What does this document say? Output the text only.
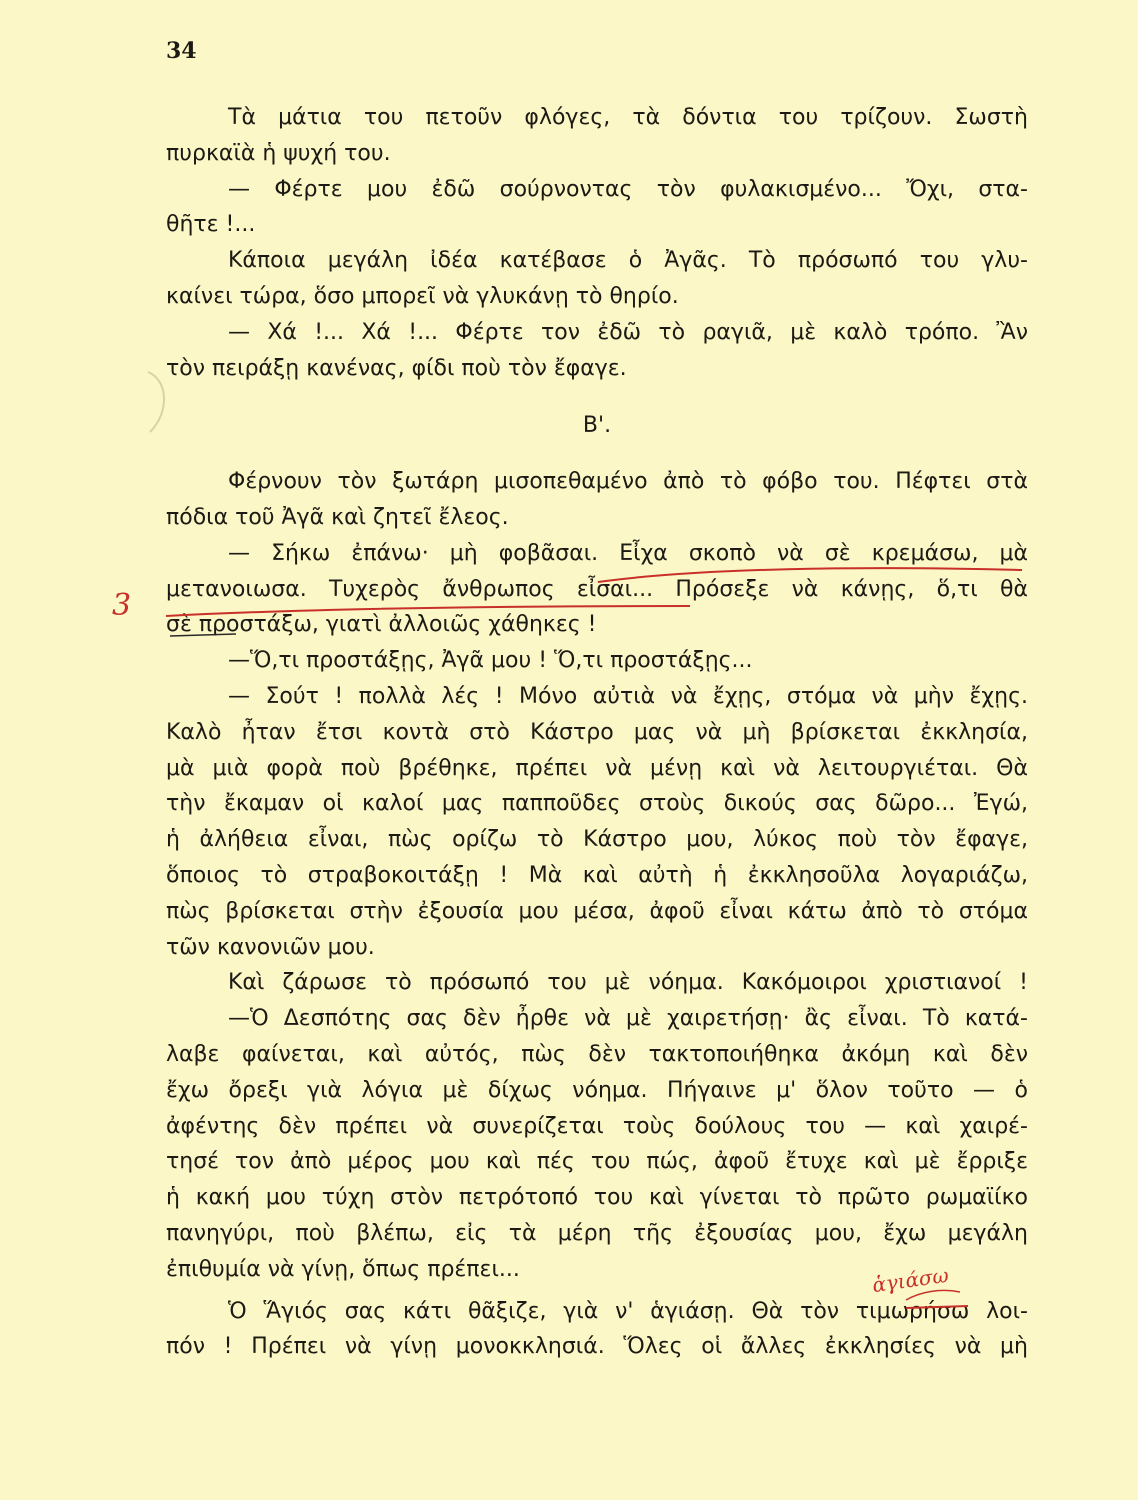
34
Τὰ μάτια του πετοῦν φλόγες, τὰ δόντια του τρίζουν. Σωστὴ
πυρκαϊὰ ἡ ψυχή του.
— Φέρτε μου ἐδῶ σούρνοντας τὸν φυλακισμένο... Ὄχι, στα-
θῆτε !...
Κάποια μεγάλη ἰδέα κατέβασε ὁ Ἀγᾶς. Τὸ πρόσωπό του γλυ-
καίνει τώρα, ὅσο μπορεῖ νὰ γλυκάνῃ τὸ θηρίο.
— Χά !... Χά !... Φέρτε τον ἐδῶ τὸ ραγιᾶ, μὲ καλὸ τρόπο. Ἂν
τὸν πειράξῃ κανένας, φίδι ποὺ τὸν ἔφαγε.
Β'.
Φέρνουν τὸν ξωτάρη μισοπεθαμένο ἀπὸ τὸ φόβο του. Πέφτει στὰ
πόδια τοῦ Ἀγᾶ καὶ ζητεῖ ἔλεος.
— Σήκω ἐπάνω· μὴ φοβᾶσαι. Εἶχα σκοπὸ νὰ σὲ κρεμάσω, μὰ
μετανοιωσα. Τυχερὸς ἄνθρωπος εἶσαι... Πρόσεξε νὰ κάνῃς, ὅ,τι θὰ
σὲ προστάξω, γιατὶ ἀλλοιῶς χάθηκες !
—Ὅ,τι προστάξῃς, Ἀγᾶ μου ! Ὅ,τι προστάξῃς...
— Σούτ ! πολλὰ λές ! Μόνο αὐτιὰ νὰ ἔχῃς, στόμα νὰ μὴν ἔχῃς.
Καλὸ ἦταν ἔτσι κοντὰ στὸ Κάστρο μας νὰ μὴ βρίσκεται ἐκκλησία,
μὰ μιὰ φορὰ ποὺ βρέθηκε, πρέπει νὰ μένῃ καὶ νὰ λειτουργιέται. Θὰ
τὴν ἔκαμαν οἱ καλοί μας παπποῦδες στοὺς δικούς σας δῶρο... Ἐγώ,
ἡ ἀλήθεια εἶναι, πὼς ορίζω τὸ Κάστρο μου, λύκος ποὺ τὸν ἔφαγε,
ὅποιος τὸ στραβοκοιτάξῃ ! Μὰ καὶ αὐτὴ ἡ ἐκκλησοῦλα λογαριάζω,
πὼς βρίσκεται στὴν ἐξουσία μου μέσα, ἀφοῦ εἶναι κάτω ἀπὸ τὸ στόμα
τῶν κανονιῶν μου.
Καὶ ζάρωσε τὸ πρόσωπό του μὲ νόημα. Κακόμοιροι χριστιανοί !
—Ὁ Δεσπότης σας δὲν ἦρθε νὰ μὲ χαιρετήσῃ· ἂς εἶναι. Τὸ κατά-
λαβε φαίνεται, καὶ αὐτός, πὼς δὲν τακτοποιήθηκα ἀκόμη καὶ δὲν
ἔχω ὄρεξι γιὰ λόγια μὲ δίχως νόημα. Πήγαινε μ' ὅλον τοῦτο — ὁ
ἀφέντης δὲν πρέπει νὰ συνερίζεται τοὺς δούλους του — καὶ χαιρέ-
τησέ τον ἀπὸ μέρος μου καὶ πές του πώς, ἀφοῦ ἔτυχε καὶ μὲ ἔρριξε
ἡ κακή μου τύχη στὸν πετρότοπό του καὶ γίνεται τὸ πρῶτο ρωμαϊίκο
πανηγύρι, ποὺ βλέπω, εἰς τὰ μέρη τῆς ἐξουσίας μου, ἔχω μεγάλη
ἐπιθυμία νὰ γίνῃ, ὅπως πρέπει...
Ὁ Ἅγιός σας κάτι θᾶξιζε, γιὰ ν' ἁγιάσῃ. Θὰ τὸν τιμωρήσω λοι-
πόν ! Πρέπει νὰ γίνῃ μονοκκλησιά. Ὅλες οἱ ἄλλες ἐκκλησίες νὰ μὴ
3
ἁγιάσω
